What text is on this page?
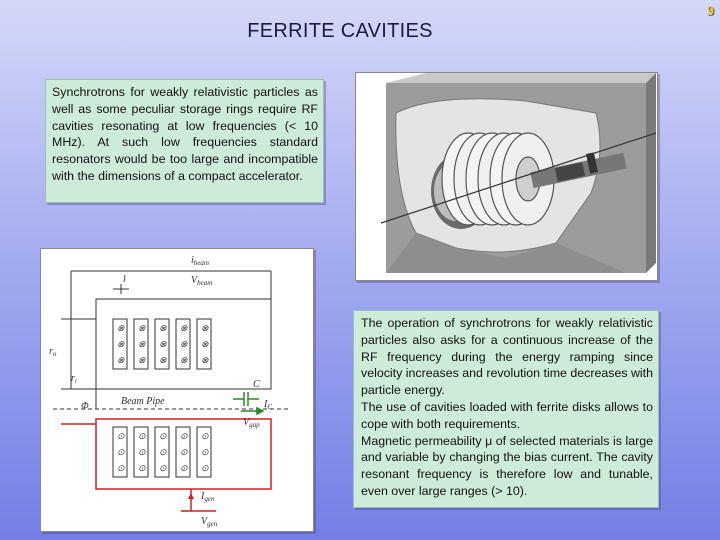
FERRITE CAVITIES
9

Synchrotrons for weakly relativistic particles as well as some peculiar storage rings require RF cavities resonating at low frequencies (< 10 MHz). At such low frequencies standard resonators would be too large and incompatible with the dimensions of a compact accelerator.

⊗ ⊗ ⊗ ⊗ ⊗
⊗ ⊗ ⊗ ⊗ ⊗
⊗ ⊗ ⊗ ⊗ ⊗
⊙ ⊙ ⊙ ⊙ ⊙
⊙ ⊙ ⊙ ⊙ ⊙
⊙ ⊙ ⊙ ⊙ ⊙
$i_{beam}$
$V_{beam}$
$r_o$
$r_i$
l
Φ	Beam Pipe
C
$I_C$
$V_{gap}$
$I_{gen}$
$V_{gen}$

The operation of synchrotrons for weakly relativistic particles also asks for a continuous increase of the RF frequency during the energy ramping since velocity increases and revolution time decreases with particle energy.

The use of cavities loaded with ferrite disks allows to cope with both requirements.

Magnetic permeability μ of selected materials is large and variable by changing the bias current. The cavity resonant frequency is therefore low and tunable, even over large ranges (> 10).
